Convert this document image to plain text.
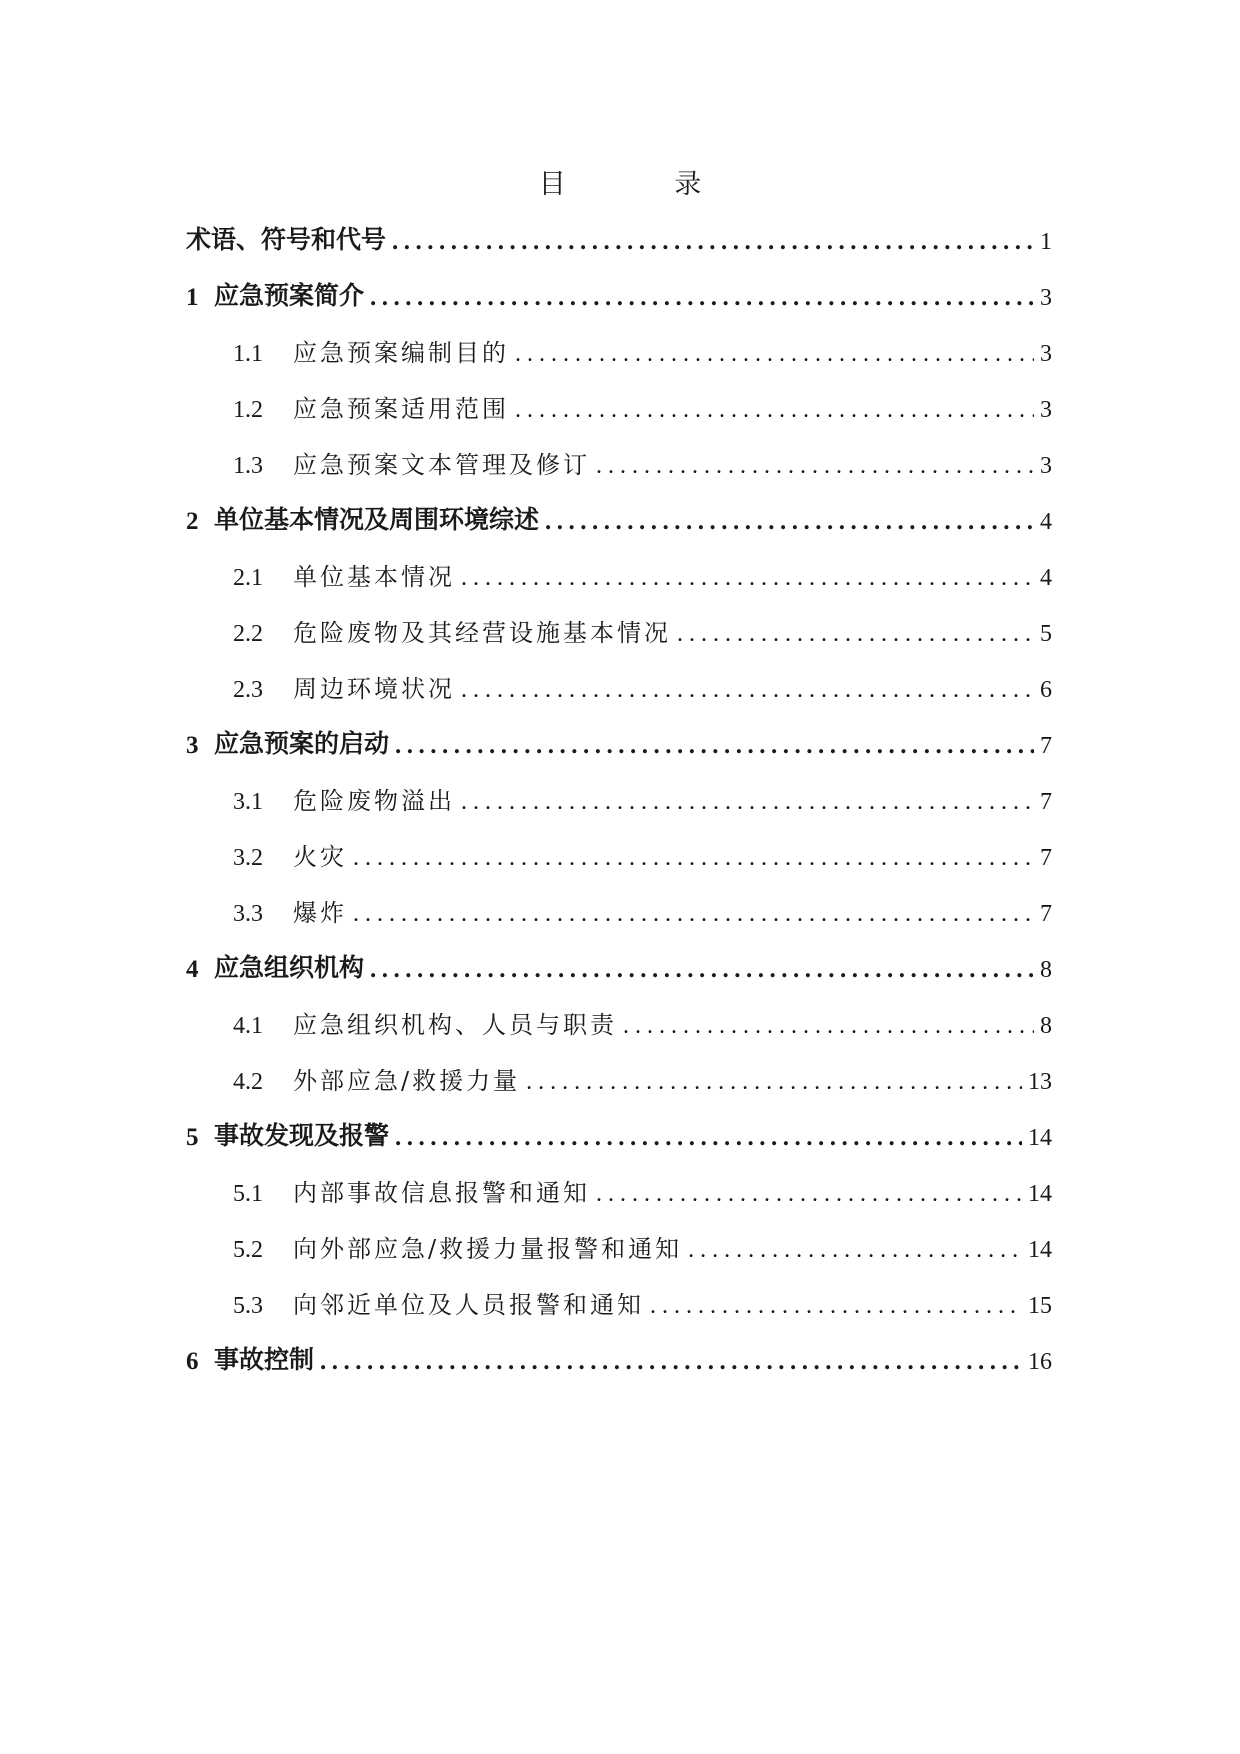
目 录
术语、符号和代号 .....	1
1 应急预案简介 .....	3
1.1	应急预案编制目的 .....	3
1.2	应急预案适用范围 .....	3
1.3	应急预案文本管理及修订 .....	3
2 单位基本情况及周围环境综述 .....	4
2.1	单位基本情况 .....	4
2.2	危险废物及其经营设施基本情况 .....	5
2.3	周边环境状况 .....	6
3 应急预案的启动 .....	7
3.1	危险废物溢出 .....	7
3.2	火灾 .....	7
3.3	爆炸 .....	7
4 应急组织机构 .....	8
4.1	应急组织机构、人员与职责 .....	8
4.2	外部应急/救援力量 .....	13
5 事故发现及报警 .....	14
5.1	内部事故信息报警和通知 .....	14
5.2	向外部应急/救援力量报警和通知 .....	14
5.3	向邻近单位及人员报警和通知 .....	15
6 事故控制 .....	16
